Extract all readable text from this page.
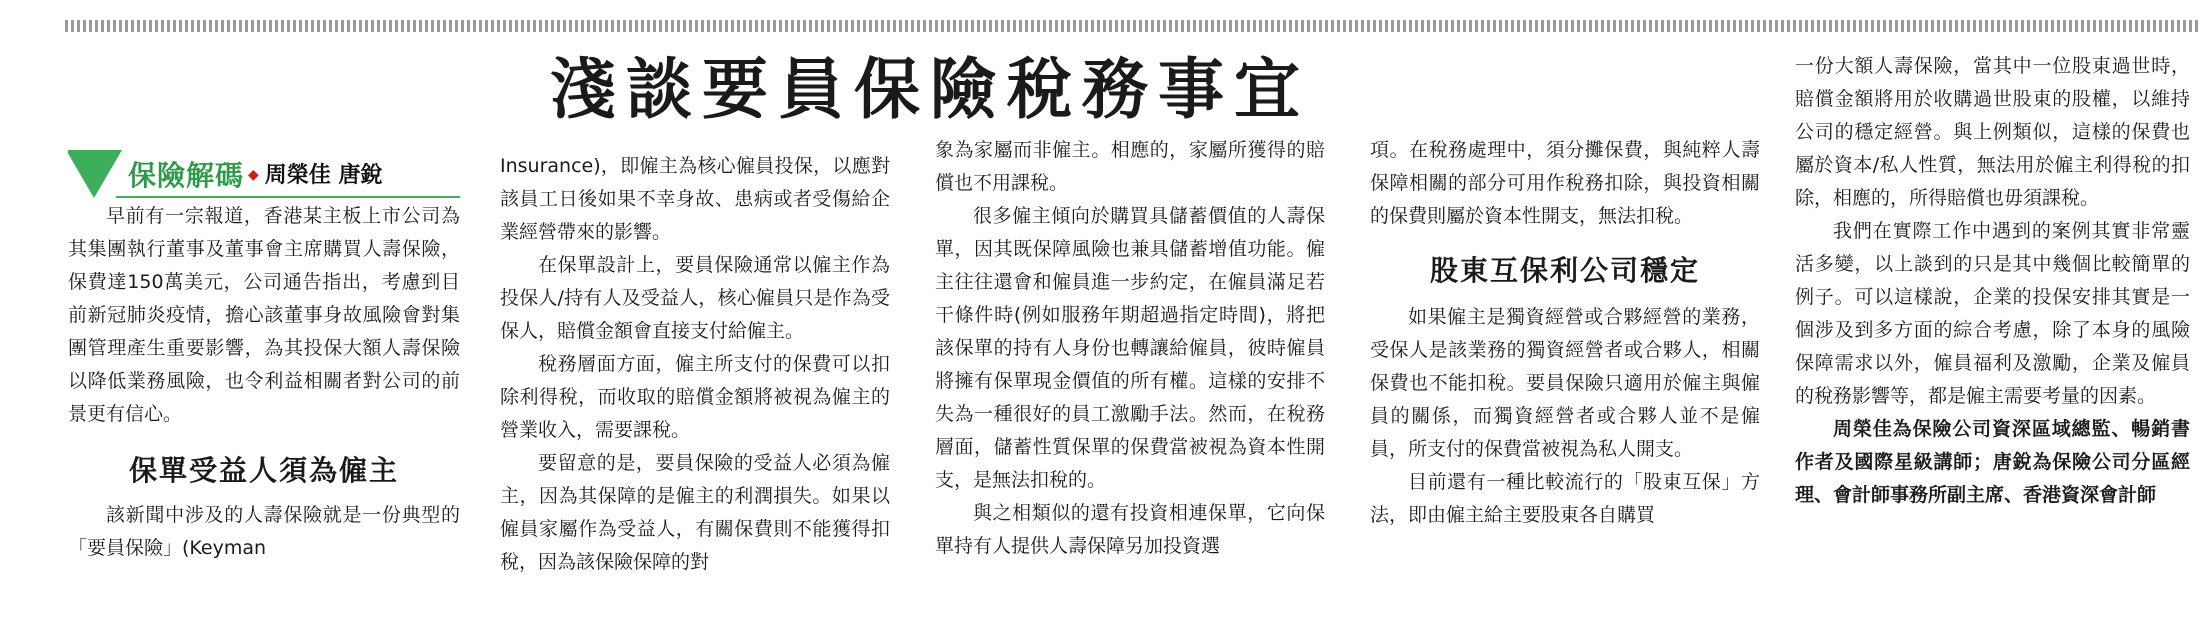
淺談要員保險稅務事宜
保險解碼 ◆ 周榮佳 唐銳

早前有一宗報道，香港某主板上市公司為其集團執行董事及董事會主席購買人壽保險，保費達150萬美元，公司通告指出，考慮到目前新冠肺炎疫情，擔心該董事身故風險會對集團管理產生重要影響，為其投保大額人壽保險以降低業務風險，也令利益相關者對公司的前景更有信心。

保單受益人須為僱主

該新聞中涉及的人壽保險就是一份典型的「要員保險」(Keyman

Insurance)，即僱主為核心僱員投保，以應對該員工日後如果不幸身故、患病或者受傷給企業經營帶來的影響。

在保單設計上，要員保險通常以僱主作為投保人/持有人及受益人，核心僱員只是作為受保人，賠償金額會直接支付給僱主。

稅務層面方面，僱主所支付的保費可以扣除利得稅，而收取的賠償金額將被視為僱主的營業收入，需要課稅。

要留意的是，要員保險的受益人必須為僱主，因為其保障的是僱主的利潤損失。如果以僱員家屬作為受益人，有關保費則不能獲得扣稅，因為該保險保障的對

象為家屬而非僱主。相應的，家屬所獲得的賠償也不用課稅。

很多僱主傾向於購買具儲蓄價值的人壽保單，因其既保障風險也兼具儲蓄增值功能。僱主往往還會和僱員進一步約定，在僱員滿足若干條件時(例如服務年期超過指定時間)，將把該保單的持有人身份也轉讓給僱員，彼時僱員將擁有保單現金價值的所有權。這樣的安排不失為一種很好的員工激勵手法。然而，在稅務層面，儲蓄性質保單的保費當被視為資本性開支，是無法扣稅的。

與之相類似的還有投資相連保單，它向保單持有人提供人壽保障另加投資選

項。在稅務處理中，須分攤保費，與純粹人壽保障相關的部分可用作稅務扣除，與投資相關的保費則屬於資本性開支，無法扣稅。

股東互保利公司穩定

如果僱主是獨資經營或合夥經營的業務，受保人是該業務的獨資經營者或合夥人，相關保費也不能扣稅。要員保險只適用於僱主與僱員的關係，而獨資經營者或合夥人並不是僱員，所支付的保費當被視為私人開支。

目前還有一種比較流行的「股東互保」方法，即由僱主給主要股東各自購買

一份大額人壽保險，當其中一位股東過世時，賠償金額將用於收購過世股東的股權，以維持公司的穩定經營。與上例類似，這樣的保費也屬於資本/私人性質，無法用於僱主利得稅的扣除，相應的，所得賠償也毋須課稅。

我們在實際工作中遇到的案例其實非常靈活多變，以上談到的只是其中幾個比較簡單的例子。可以這樣說，企業的投保安排其實是一個涉及到多方面的綜合考慮，除了本身的風險保障需求以外，僱員福利及激勵，企業及僱員的稅務影響等，都是僱主需要考量的因素。

周榮佳為保險公司資深區域總監、暢銷書作者及國際星級講師；唐銳為保險公司分區經理、會計師事務所副主席、香港資深會計師
